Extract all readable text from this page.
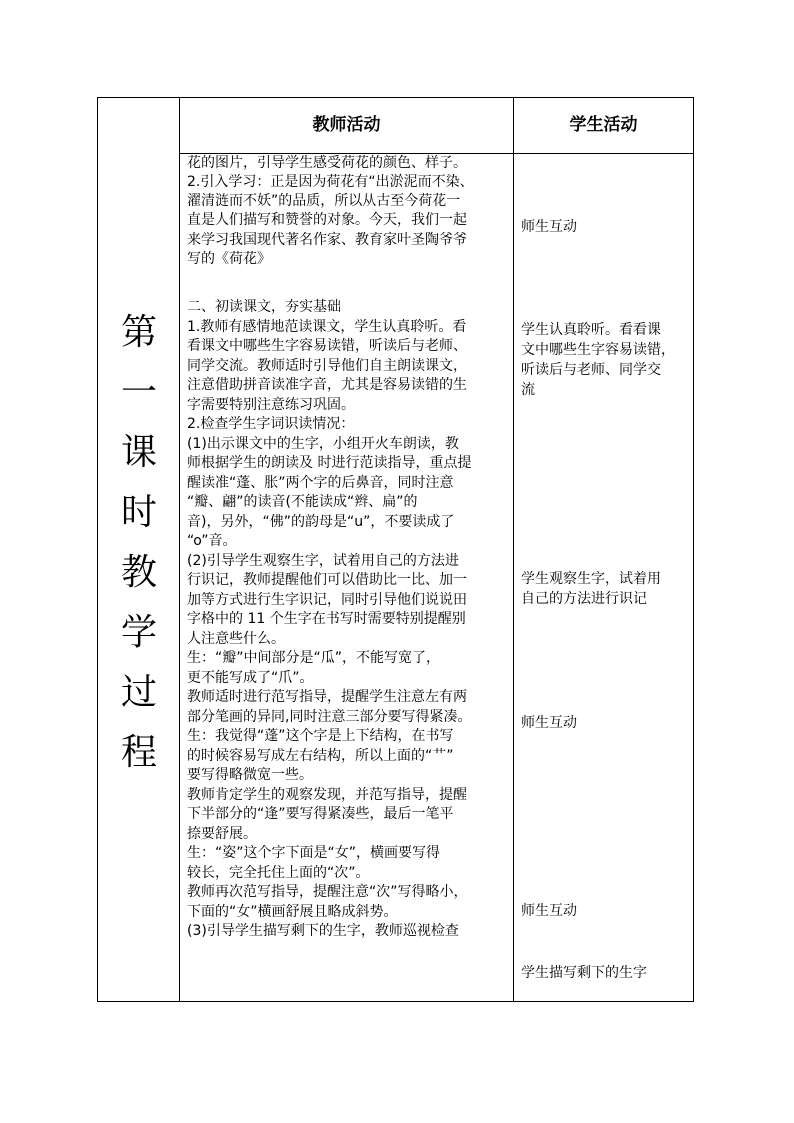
第
一
课
时
教
学
过
程
教师活动	学生活动
花的图片，引导学生感受荷花的颜色、样子。
2.引入学习：正是因为荷花有“出淤泥而不染、
濯清涟而不妖”的品质，所以从古至今荷花一
直是人们描写和赞誉的对象。今天，我们一起
来学习我国现代著名作家、教育家叶圣陶爷爷
写的《荷花》
二、初读课文，夯实基础
1.教师有感情地范读课文，学生认真聆听。看
看课文中哪些生字容易读错，听读后与老师、
同学交流。教师适时引导他们自主朗读课文，
注意借助拼音读准字音，尤其是容易读错的生
字需要特别注意练习巩固。
2.检查学生字词识读情况：
(1)出示课文中的生字，小组开火车朗读，教
师根据学生的朗读及 时进行范读指导，重点提
醒读准“蓬、胀”两个字的后鼻音，同时注意
“瓣、翩”的读音(不能读成“辫、扁”的
音)，另外，“佛”的韵母是“u”，不要读成了
“o”音。
(2)引导学生观察生字，试着用自己的方法进
行识记，教师提醒他们可以借助比一比、加一
加等方式进行生字识记，同时引导他们说说田
字格中的 11 个生字在书写时需要特别提醒别
人注意些什么。
生：“瓣”中间部分是“瓜”，不能写宽了，
更不能写成了“爪”。
教师适时进行范写指导，提醒学生注意左有两
部分笔画的异同,同时注意三部分要写得紧凑。
生：我觉得“蓬”这个字是上下结构，在书写
的时候容易写成左右结构，所以上面的“艹”
要写得略微宽一些。
教师肯定学生的观察发现，并范写指导，提醒
下半部分的“逢”要写得紧凑些，最后一笔平
捺要舒展。
生：“姿”这个字下面是“女”，横画要写得
较长，完全托住上面的“次”。
教师再次范写指导，提醒注意“次”写得略小，
下面的“女”横画舒展且略成斜势。
(3)引导学生描写剩下的生字，教师巡视检查
师生互动
学生认真聆听。看看课
文中哪些生字容易读错，
听读后与老师、同学交
流
学生观察生字，试着用
自己的方法进行识记
师生互动
师生互动
学生描写剩下的生字
